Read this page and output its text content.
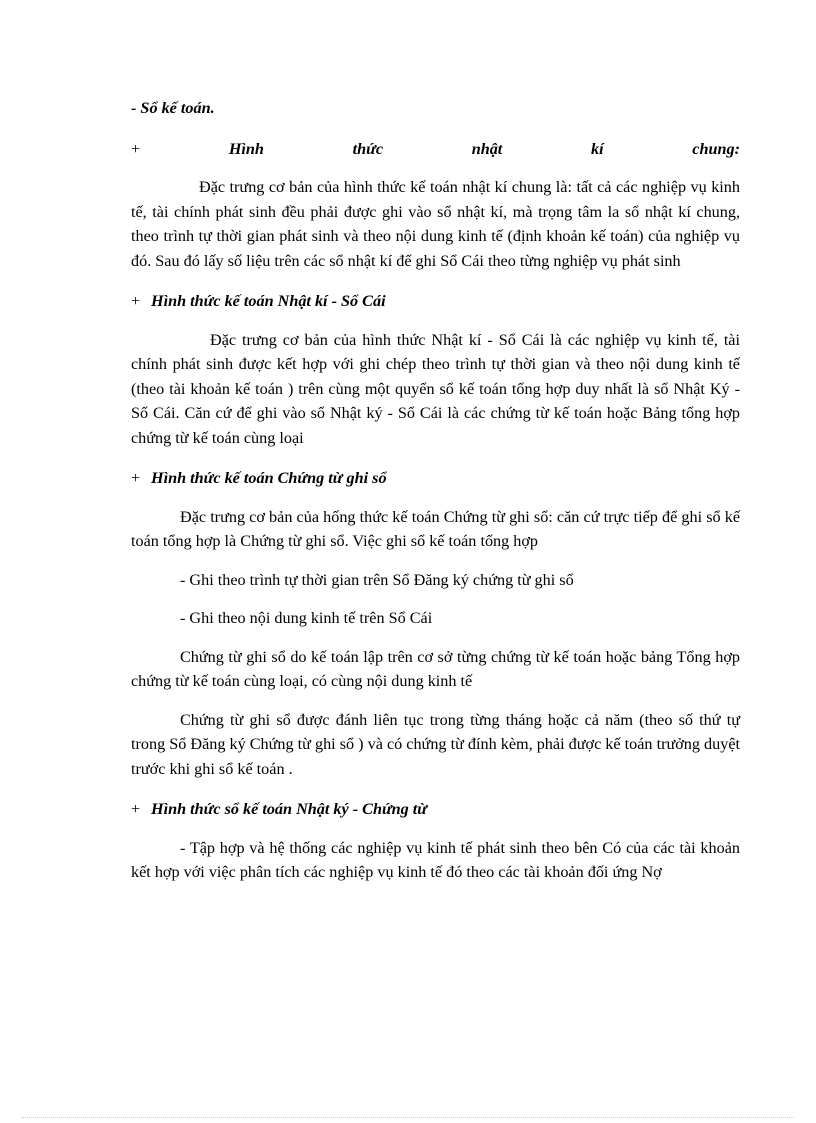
- Sổ kế toán.

+	Hình	thức	nhật	kí	chung:

Đặc trưng cơ bản của hình thức kế toán nhật kí chung là: tất cả các nghiệp vụ kinh tế, tài chính phát sinh đều phải được ghi vào sổ nhật kí, mà trọng tâm la sổ nhật kí chung, theo trình tự thời gian phát sinh và theo nội dung kinh tế (định khoản kế toán) của nghiệp vụ đó. Sau đó lấy số liệu trên các sổ nhật kí để ghi Sổ Cái theo từng nghiệp vụ phát sinh

+ Hình thức kế toán Nhật kí - Sổ Cái

Đặc trưng cơ bản của hình thức Nhật kí - Sổ Cái là các nghiệp vụ kinh tế, tài chính phát sinh được kết hợp với ghi chép theo trình tự thời gian và theo nội dung kinh tế (theo tài khoản kế toán ) trên cùng một quyển sổ kế toán tổng hợp duy nhất là sổ Nhật Ký - Sổ Cái. Căn cứ để ghi vào sổ Nhật ký - Sổ Cái là các chứng từ kế toán hoặc Bảng tổng hợp chứng từ kế toán cùng loại

+ Hình thức kế toán Chứng từ ghi sổ

Đặc trưng cơ bản của hống thức kế toán Chứng từ ghi sổ: căn cứ trực tiếp để ghi sổ kế toán tổng hợp là Chứng từ ghi sổ. Việc ghi sổ kế toán tổng hợp

- Ghi theo trình tự thời gian trên Sổ Đăng ký chứng từ ghi sổ

- Ghi theo nội dung kinh tế trên Sổ Cái

Chứng từ ghi sổ do kế toán lập trên cơ sở từng chứng từ kế toán hoặc bảng Tổng hợp chứng từ kế toán cùng loại, có cùng nội dung kinh tế

Chứng từ ghi sổ được đánh liên tục trong từng tháng hoặc cả năm (theo số thứ tự trong Sổ Đăng ký Chứng từ ghi sổ ) và có chứng từ đính kèm, phải được kế toán trưởng duyệt trước khi ghi sổ kế toán .

+ Hình thức sổ kế toán Nhật ký - Chứng từ

- Tập hợp và hệ thống các nghiệp vụ kinh tế phát sinh theo bên Có của các tài khoản kết hợp với việc phân tích các nghiệp vụ kinh tế đó theo các tài khoản đối ứng Nợ
